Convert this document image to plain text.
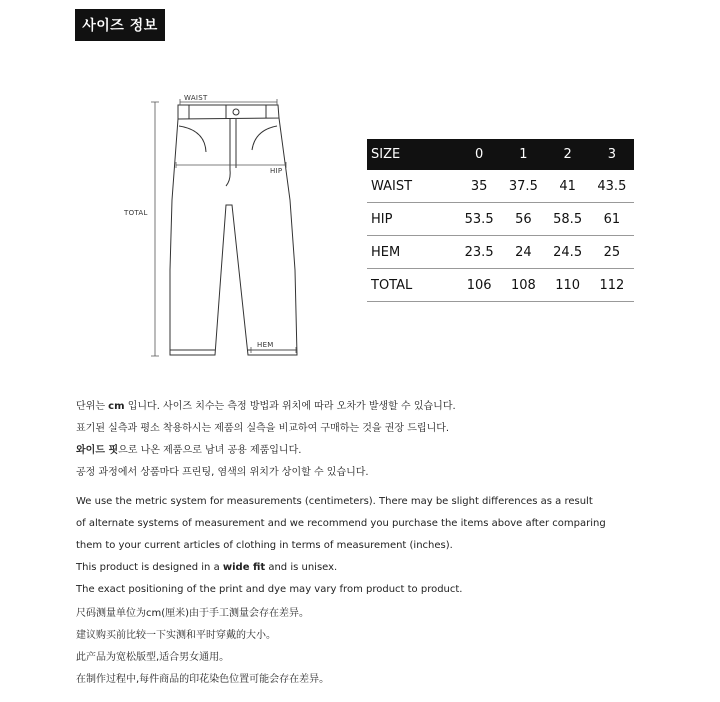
사이즈 정보
WAIST
HIP
TOTAL
HEM
SIZE	0	1	2	3
WAIST	35	37.5	41	43.5
HIP	53.5	56	58.5	61
HEM	23.5	24	24.5	25
TOTAL	106	108	110	112

단위는 cm 입니다. 사이즈 치수는 측정 방법과 위치에 따라 오차가 발생할 수 있습니다.

표기된 실측과 평소 착용하시는 제품의 실측을 비교하여 구매하는 것을 권장 드립니다.

와이드 핏으로 나온 제품으로 남녀 공용 제품입니다.

공정 과정에서 상품마다 프린팅, 염색의 위치가 상이할 수 있습니다.

We use the metric system for measurements (centimeters). There may be slight differences as a result

of alternate systems of measurement and we recommend you purchase the items above after comparing

them to your current articles of clothing in terms of measurement (inches).

This product is designed in a wide fit and is unisex.

The exact positioning of the print and dye may vary from product to product.

尺码测量单位为cm(厘米)由于手工测量会存在差异。

建议购买前比较一下实测和平时穿戴的大小。

此产品为宽松版型,适合男女通用。

在制作过程中,每件商品的印花染色位置可能会存在差异。
